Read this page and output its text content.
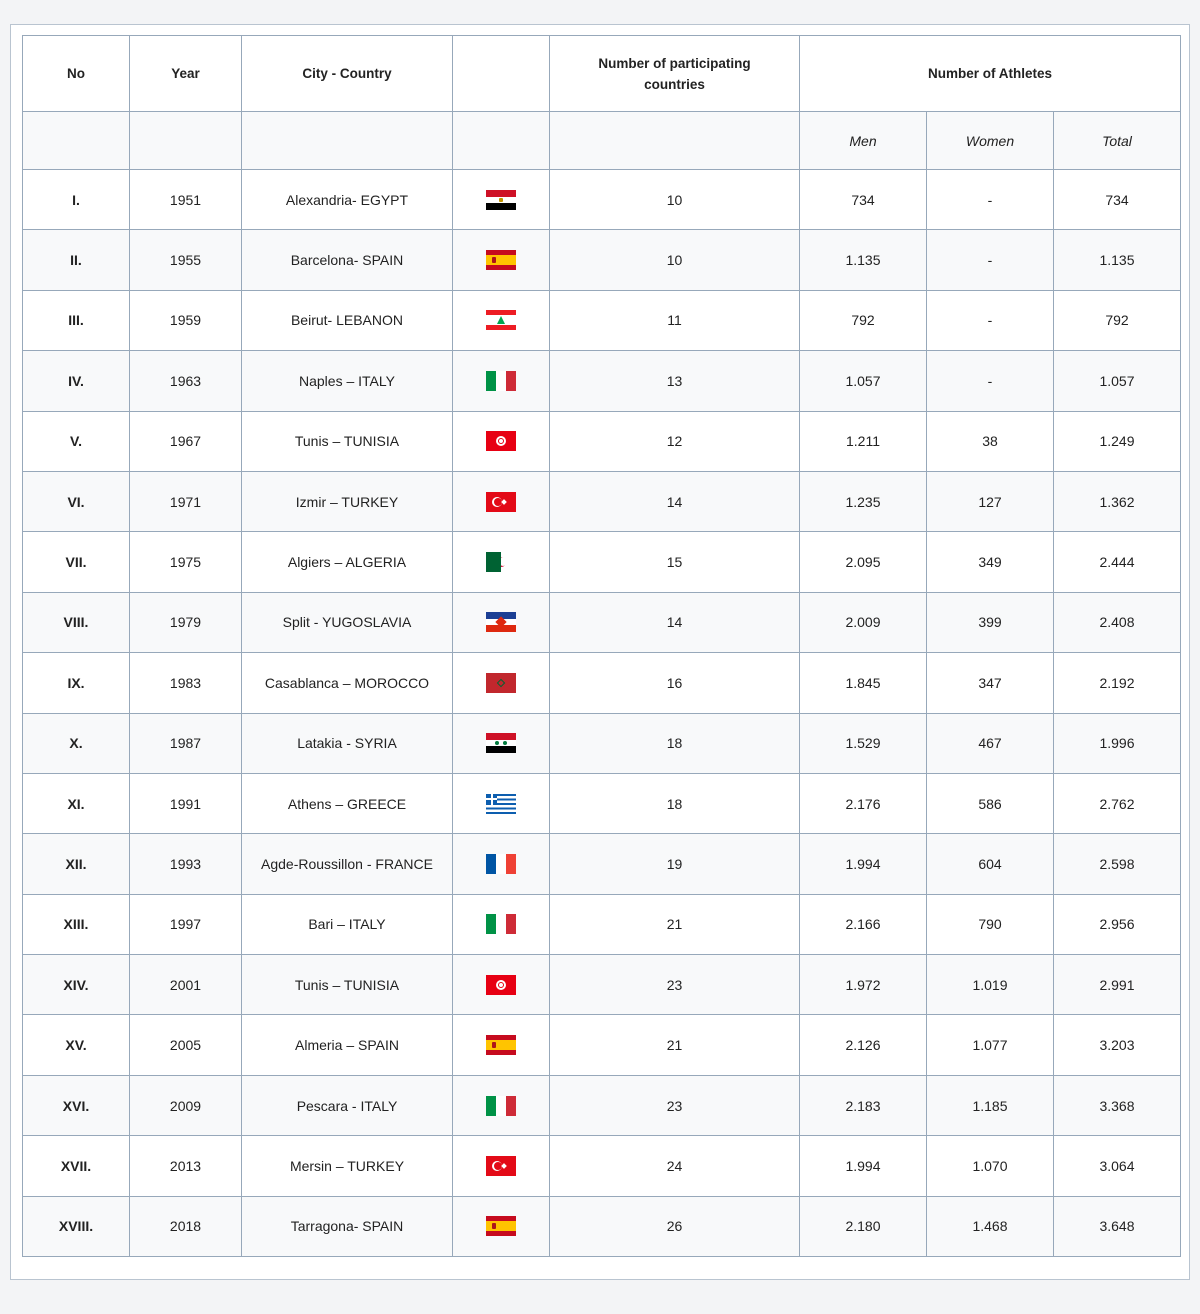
No	Year	City - Country		Number of participating countries	Number of Athletes		
					Men	Women	Total
I.	1951	Alexandria- EGYPT		10	734	-	734
II.	1955	Barcelona- SPAIN		10	1.135	-	1.135
III.	1959	Beirut- LEBANON		11	792	-	792
IV.	1963	Naples – ITALY		13	1.057	-	1.057
V.	1967	Tunis – TUNISIA		12	1.211	38	1.249
VI.	1971	Izmir – TURKEY		14	1.235	127	1.362
VII.	1975	Algiers – ALGERIA		15	2.095	349	2.444
VIII.	1979	Split - YUGOSLAVIA		14	2.009	399	2.408
IX.	1983	Casablanca – MOROCCO		16	1.845	347	2.192
X.	1987	Latakia - SYRIA		18	1.529	467	1.996
XI.	1991	Athens – GREECE		18	2.176	586	2.762
XII.	1993	Agde-Roussillon - FRANCE		19	1.994	604	2.598
XIII.	1997	Bari – ITALY		21	2.166	790	2.956
XIV.	2001	Tunis – TUNISIA		23	1.972	1.019	2.991
XV.	2005	Almeria – SPAIN		21	2.126	1.077	3.203
XVI.	2009	Pescara - ITALY		23	2.183	1.185	3.368
XVII.	2013	Mersin – TURKEY		24	1.994	1.070	3.064
XVIII.	2018	Tarragona- SPAIN		26	2.180	1.468	3.648
